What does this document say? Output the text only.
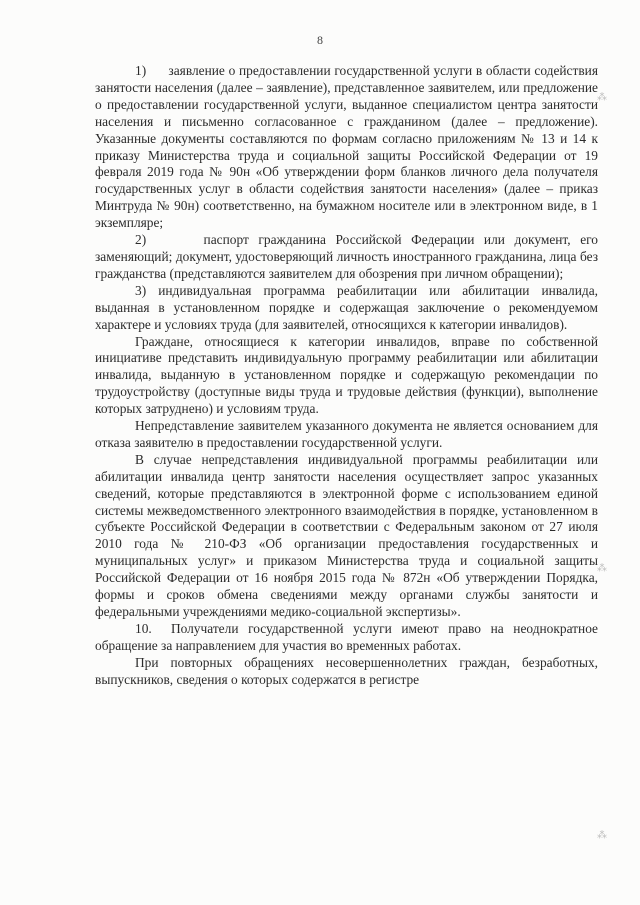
8

1)      заявление о предоставлении государственной услуги в области содействия занятости населения (далее – заявление), представленное заявителем, или предложение о предоставлении государственной услуги, выданное специалистом центра занятости населения и письменно согласованное с гражданином (далее – предложение). Указанные документы составляются по формам согласно приложениям № 13 и 14 к приказу Министерства труда и социальной защиты Российской Федерации от 19 февраля 2019 года № 90н «Об утверждении форм бланков личного дела получателя государственных услуг в области содействия занятости населения» (далее – приказ Минтруда № 90н) соответственно, на бумажном носителе или в электронном виде, в 1 экземпляре;

2)      паспорт гражданина Российской Федерации или документ, его заменяющий; документ, удостоверяющий личность иностранного гражданина, лица без гражданства (представляются заявителем для обозрения при личном обращении);

3) индивидуальная программа реабилитации или абилитации инвалида, выданная в установленном порядке и содержащая заключение о рекомендуемом характере и условиях труда (для заявителей, относящихся к категории инвалидов).

Граждане, относящиеся к категории инвалидов, вправе по собственной инициативе представить индивидуальную программу реабилитации или абилитации инвалида, выданную в установленном порядке и содержащую рекомендации по трудоустройству (доступные виды труда и трудовые действия (функции), выполнение которых затруднено) и условиям труда.

Непредставление заявителем указанного документа не является основанием для отказа заявителю в предоставлении государственной услуги.

В случае непредставления индивидуальной программы реабилитации или абилитации инвалида центр занятости населения осуществляет запрос указанных сведений, которые представляются в электронной форме с использованием единой системы межведомственного электронного взаимодействия в порядке, установленном в субъекте Российской Федерации в соответствии с Федеральным законом от 27 июля 2010 года № 210-ФЗ «Об организации предоставления государственных и муниципальных услуг» и приказом Министерства труда и социальной защиты Российской Федерации от 16 ноября 2015 года № 872н «Об утверждении Порядка, формы и сроков обмена сведениями между органами службы занятости и федеральными учреждениями медико-социальной экспертизы».

10.  Получатели государственной услуги имеют право на неоднократное обращение за направлением для участия во временных работах.

При повторных обращениях несовершеннолетних граждан, безработных, выпускников, сведения о которых содержатся в регистре

⁂
⁂
⁂
